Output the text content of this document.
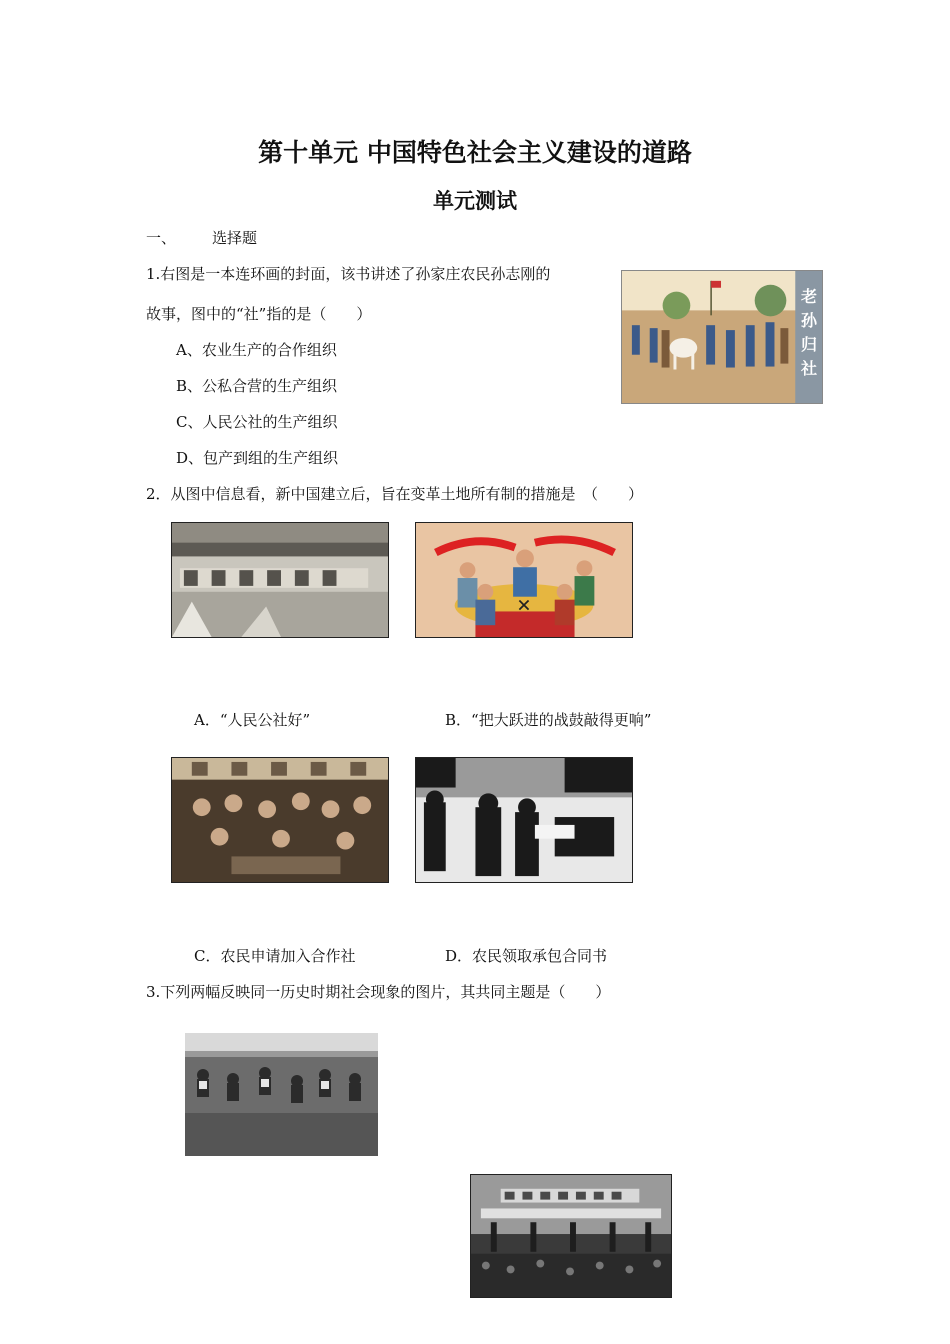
第十单元 中国特色社会主义建设的道路
单元测试
一、 选择题
1.右图是一本连环画的封面，该书讲述了孙家庄农民孙志刚的
故事，图中的“社”指的是（　　）
A、农业生产的合作组织
B、公私合营的生产组织
C、人民公社的生产组织
D、包产到组的生产组织
老
孙
归
社
2．从图中信息看，新中国建立后，旨在变革土地所有制的措施是　（　　）
✕
A．“人民公社好”	B．“把大跃进的战鼓敲得更响”
C．农民申请加入合作社	D．农民领取承包合同书
3.下列两幅反映同一历史时期社会现象的图片，其共同主题是（　　）
